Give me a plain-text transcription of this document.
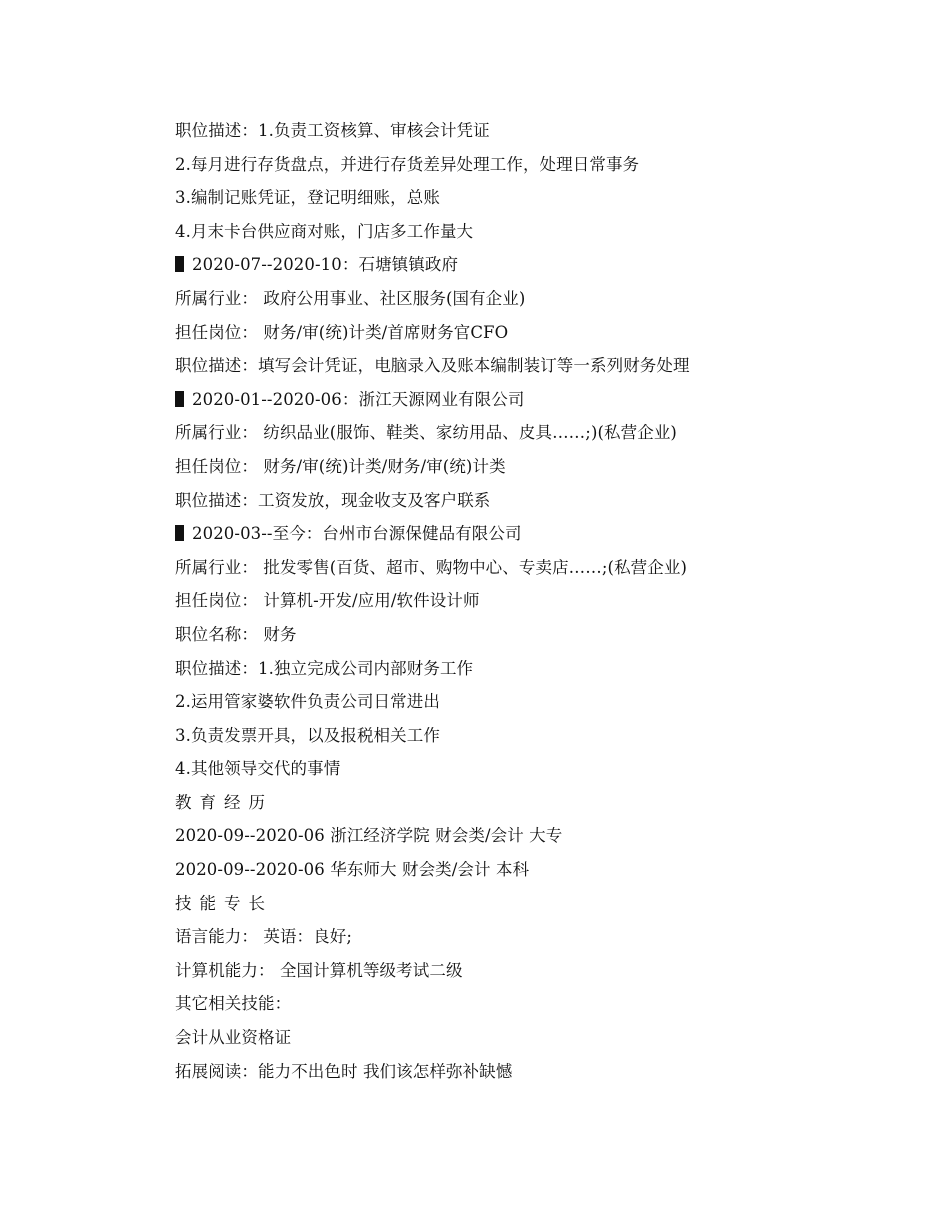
职位描述：1.负责工资核算、审核会计凭证
2.每月进行存货盘点，并进行存货差异处理工作，处理日常事务
3.编制记账凭证，登记明细账，总账
4.月末卡台供应商对账，门店多工作量大
2020-07--2020-10：石塘镇镇政府
所属行业： 政府公用事业、社区服务(国有企业)
担任岗位： 财务/审(统)计类/首席财务官CFO
职位描述：填写会计凭证，电脑录入及账本编制装订等一系列财务处理
2020-01--2020-06：浙江天源网业有限公司
所属行业： 纺织品业(服饰、鞋类、家纺用品、皮具……;)(私营企业)
担任岗位： 财务/审(统)计类/财务/审(统)计类
职位描述：工资发放，现金收支及客户联系
2020-03--至今：台州市台源保健品有限公司
所属行业： 批发零售(百货、超市、购物中心、专卖店……;(私营企业)
担任岗位： 计算机-开发/应用/软件设计师
职位名称： 财务
职位描述：1.独立完成公司内部财务工作
2.运用管家婆软件负责公司日常进出
3.负责发票开具，以及报税相关工作
4.其他领导交代的事情
教育经历
2020-09--2020-06 浙江经济学院 财会类/会计 大专
2020-09--2020-06 华东师大 财会类/会计 本科
技能专长
语言能力： 英语：良好;
计算机能力： 全国计算机等级考试二级
其它相关技能：
会计从业资格证
拓展阅读：能力不出色时 我们该怎样弥补缺憾
